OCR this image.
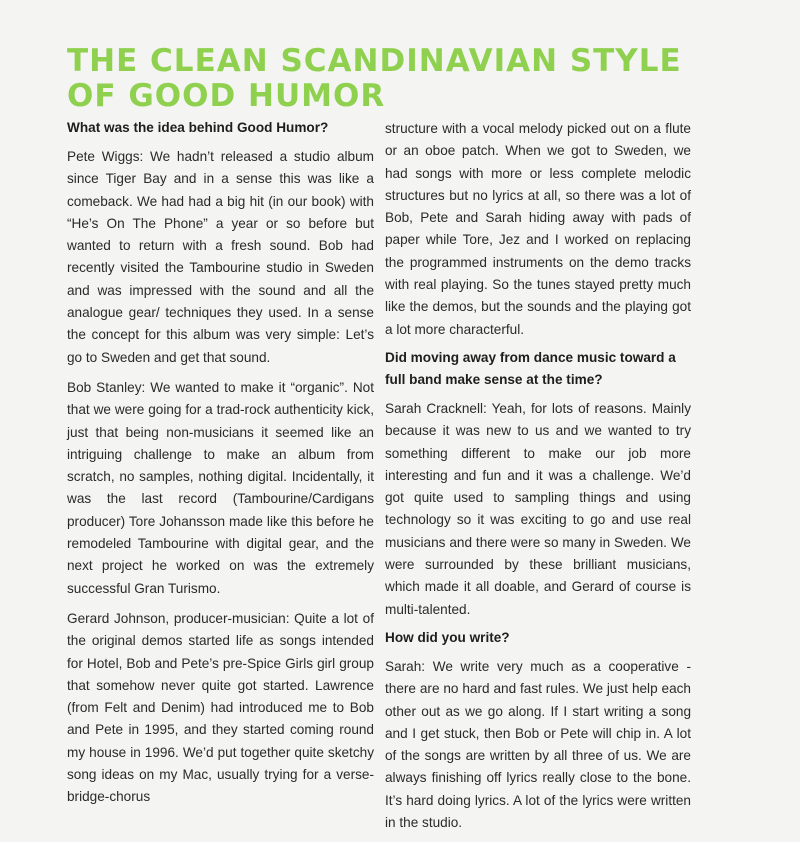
THE CLEAN SCANDINAVIAN STYLE
OF GOOD HUMOR
What was the idea behind Good Humor?

Pete Wiggs: We hadn’t released a studio album since Tiger Bay and in a sense this was like a comeback. We had had a big hit (in our book) with “He’s On The Phone” a year or so before but wanted to return with a fresh sound. Bob had recently visited the Tambourine studio in Sweden and was impressed with the sound and all the analogue gear/ techniques they used. In a sense the concept for this album was very simple: Let’s go to Sweden and get that sound.

Bob Stanley: We wanted to make it “organic”. Not that we were going for a trad-rock authenticity kick, just that being non-musicians it seemed like an intriguing challenge to make an album from scratch, no samples, nothing digital. Incidentally, it was the last record (Tambourine/Cardigans producer) Tore Johansson made like this before he remodeled Tambourine with digital gear, and the next project he worked on was the extremely successful Gran Turismo.

Gerard Johnson, producer-musician: Quite a lot of the original demos started life as songs intended for Hotel, Bob and Pete’s pre-Spice Girls girl group that somehow never quite got started. Lawrence (from Felt and Denim) had introduced me to Bob and Pete in 1995, and they started coming round my house in 1996. We’d put together quite sketchy song ideas on my Mac, usually trying for a verse-bridge-chorus

structure with a vocal melody picked out on a flute or an oboe patch. When we got to Sweden, we had songs with more or less complete melodic structures but no lyrics at all, so there was a lot of Bob, Pete and Sarah hiding away with pads of paper while Tore, Jez and I worked on replacing the programmed instruments on the demo tracks with real playing. So the tunes stayed pretty much like the demos, but the sounds and the playing got a lot more characterful.

Did moving away from dance music toward a
full band make sense at the time?

Sarah Cracknell: Yeah, for lots of reasons. Mainly because it was new to us and we wanted to try something different to make our job more interesting and fun and it was a challenge. We’d got quite used to sampling things and using technology so it was exciting to go and use real musicians and there were so many in Sweden. We were surrounded by these brilliant musicians, which made it all doable, and Gerard of course is multi-talented.

How did you write?

Sarah: We write very much as a cooperative - there are no hard and fast rules. We just help each other out as we go along. If I start writing a song and I get stuck, then Bob or Pete will chip in. A lot of the songs are written by all three of us. We are always finishing off lyrics really close to the bone. It’s hard doing lyrics. A lot of the lyrics were written in the studio.
